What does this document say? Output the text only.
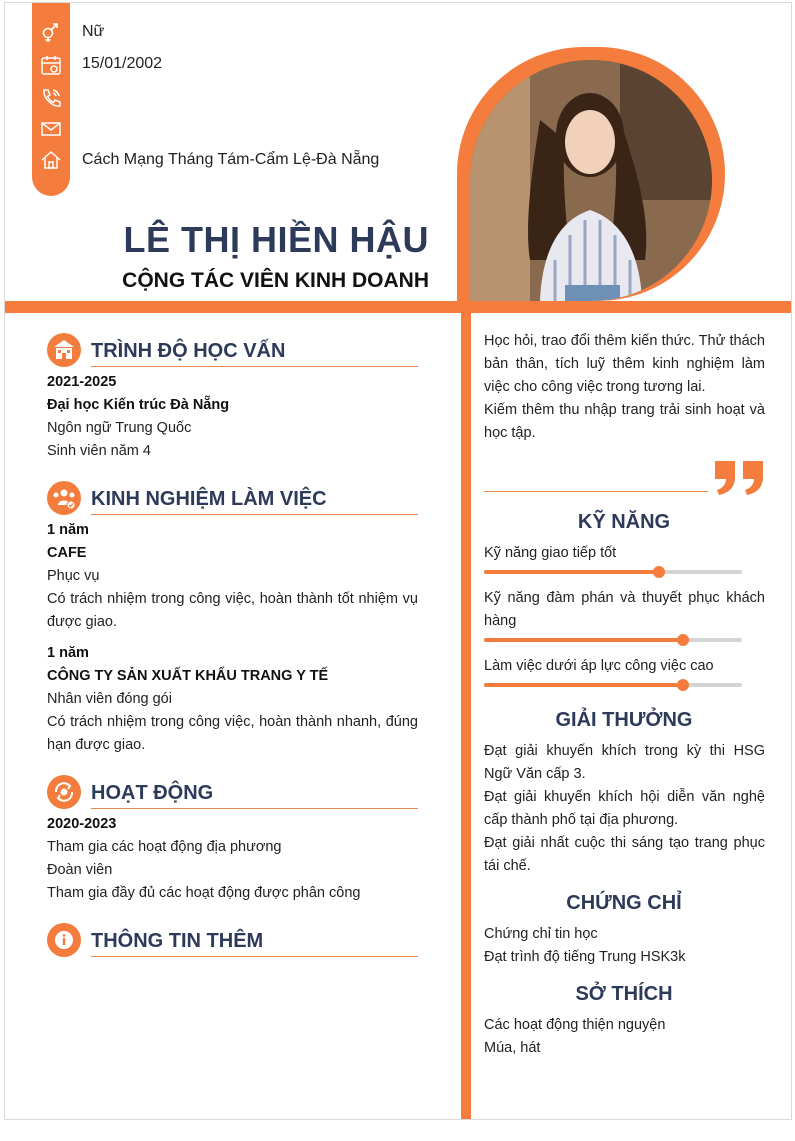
Nữ
15/01/2002
Cách Mạng Tháng Tám-Cẩm Lệ-Đà Nẵng
LÊ THỊ HIỀN HẬU
CỘNG TÁC VIÊN KINH DOANH
TRÌNH ĐỘ HỌC VẤN
2021-2025
Đại học Kiến trúc Đà Nẵng
Ngôn ngữ Trung Quốc
Sinh viên năm 4
KINH NGHIỆM LÀM VIỆC
1 năm
CAFE
Phục vụ
Có trách nhiệm trong công việc, hoàn thành tốt nhiệm vụ được giao.
1 năm
CÔNG TY SẢN XUẤT KHẨU TRANG Y TẾ
Nhân viên đóng gói
Có trách nhiệm trong công việc, hoàn thành nhanh, đúng hạn được giao.
HOẠT ĐỘNG
2020-2023
Tham gia các hoạt động địa phương
Đoàn viên
Tham gia đầy đủ các hoạt động được phân công
THÔNG TIN THÊM
Học hỏi, trao đổi thêm kiến thức. Thử thách bản thân, tích luỹ thêm kinh nghiệm làm việc cho công việc trong tương lai.
Kiếm thêm thu nhập trang trải sinh hoạt và học tập.
KỸ NĂNG
Kỹ năng giao tiếp tốt
Kỹ năng đàm phán và thuyết phục khách hàng
Làm việc dưới áp lực công việc cao
GIẢI THƯỞNG
Đạt giải khuyến khích trong kỳ thi HSG Ngữ Văn cấp 3.
Đạt giải khuyến khích hội diễn văn nghệ cấp thành phố tại địa phương.
Đạt giải nhất cuộc thi sáng tạo trang phục tái chế.
CHỨNG CHỈ
Chứng chỉ tin học
Đạt trình độ tiếng Trung HSK3k
SỞ THÍCH
Các hoạt động thiện nguyện
Múa, hát
